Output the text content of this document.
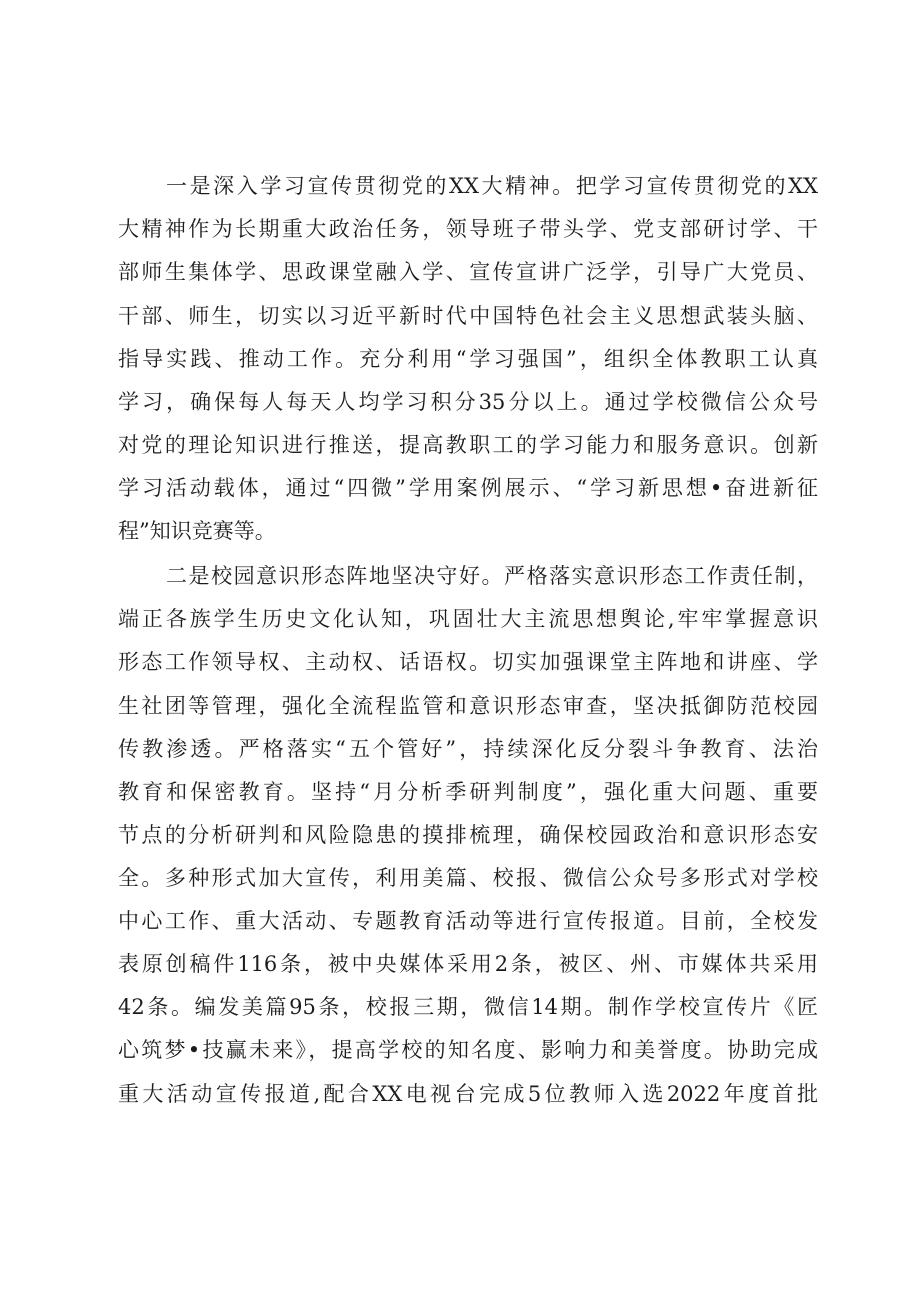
一是深入学习宣传贯彻党的XX大精神。把学习宣传贯彻党的XX
大精神作为长期重大政治任务，领导班子带头学、党支部研讨学、干
部师生集体学、思政课堂融入学、宣传宣讲广泛学，引导广大党员、
干部、师生，切实以习近平新时代中国特色社会主义思想武装头脑、
指导实践、推动工作。充分利用“学习强国”，组织全体教职工认真
学习，确保每人每天人均学习积分35分以上。通过学校微信公众号
对党的理论知识进行推送，提高教职工的学习能力和服务意识。创新
学习活动载体，通过“四微”学用案例展示、“学习新思想•奋进新征
程”知识竞赛等。
二是校园意识形态阵地坚决守好。严格落实意识形态工作责任制，
端正各族学生历史文化认知，巩固壮大主流思想舆论,牢牢掌握意识
形态工作领导权、主动权、话语权。切实加强课堂主阵地和讲座、学
生社团等管理，强化全流程监管和意识形态审查，坚决抵御防范校园
传教渗透。严格落实“五个管好”，持续深化反分裂斗争教育、法治
教育和保密教育。坚持“月分析季研判制度”，强化重大问题、重要
节点的分析研判和风险隐患的摸排梳理，确保校园政治和意识形态安
全。多种形式加大宣传，利用美篇、校报、微信公众号多形式对学校
中心工作、重大活动、专题教育活动等进行宣传报道。目前，全校发
表原创稿件116条，被中央媒体采用2条，被区、州、市媒体共采用
42条。编发美篇95条，校报三期，微信14期。制作学校宣传片《匠
心筑梦•技赢未来》，提高学校的知名度、影响力和美誉度。协助完成
重大活动宣传报道,配合XX电视台完成5位教师入选2022年度首批
